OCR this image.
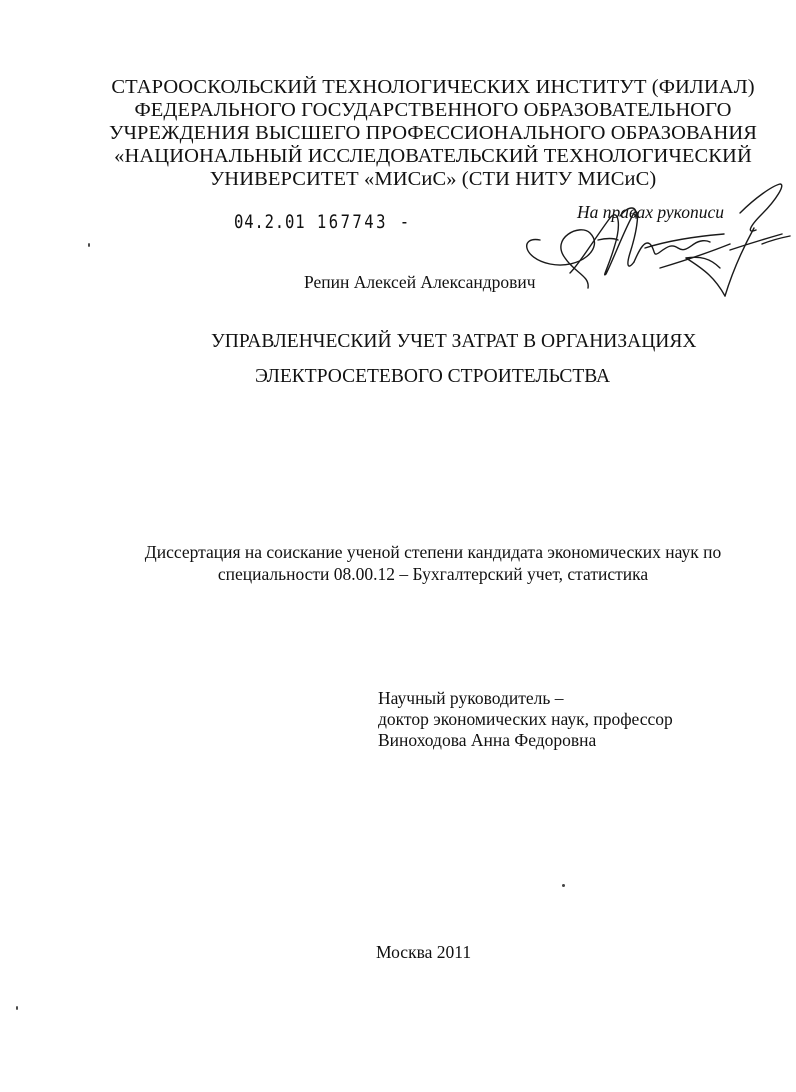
СТАРООСКОЛЬСКИЙ ТЕХНОЛОГИЧЕСКИХ ИНСТИТУТ (ФИЛИАЛ)
ФЕДЕРАЛЬНОГО ГОСУДАРСТВЕННОГО ОБРАЗОВАТЕЛЬНОГО
УЧРЕЖДЕНИЯ ВЫСШЕГО ПРОФЕССИОНАЛЬНОГО ОБРАЗОВАНИЯ
«НАЦИОНАЛЬНЫЙ ИССЛЕДОВАТЕЛЬСКИЙ ТЕХНОЛОГИЧЕСКИЙ
УНИВЕРСИТЕТ «МИСиС» (СТИ НИТУ МИСиС)
04.2.01 167743 -	На правах рукописи
Репин Алексей Александрович
УПРАВЛЕНЧЕСКИЙ УЧЕТ ЗАТРАТ В ОРГАНИЗАЦИЯХ
ЭЛЕКТРОСЕТЕВОГО СТРОИТЕЛЬСТВА
Диссертация на соискание ученой степени кандидата экономических наук по
специальности 08.00.12 – Бухгалтерский учет, статистика
Научный руководитель –
доктор экономических наук, профессор
Виноходова Анна Федоровна
Москва 2011
